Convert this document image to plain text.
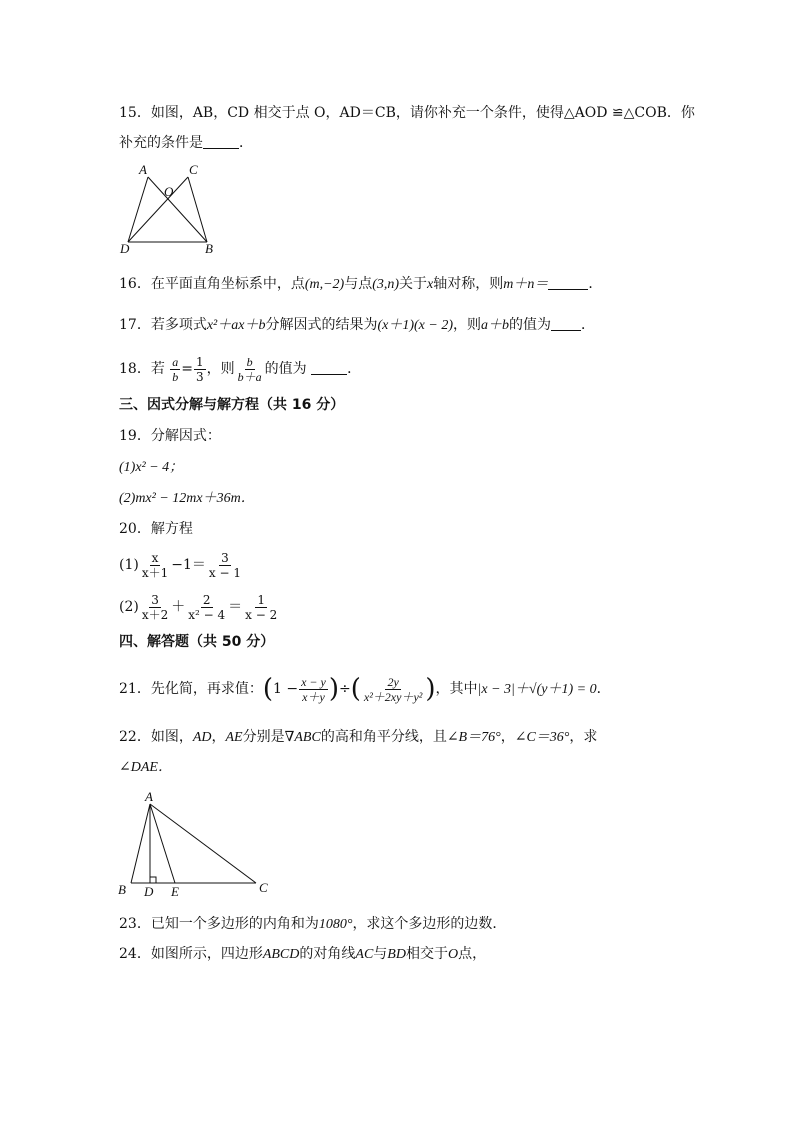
15．如图，AB，CD 相交于点 O，AD＝CB，请你补充一个条件，使得△AOD ≌△COB．你
补充的条件是	．
A	C
O
D	B
16．在平面直角坐标系中，点(m,−2)与点(3,n)关于x轴对称，则m＋n＝	．
17．若多项式x²＋ax＋b分解因式的结果为(x＋1)(x − 2)，则a＋b的值为 ．
18．若 $\frac{a}{b} = \frac{1}{3}$ ，则 $\frac{b}{b+a}$ 的值为	．
三、因式分解与解方程（共 16 分）
19．分解因式：
(1)x² − 4；
(2)mx² − 12mx＋36m．
20．解方程
$(1) \frac{x}{x+1} -1= \frac{3}{x - 1}$
$(2) \frac{3}{x+2} + \frac{2}{\text{x² − 4}} = \frac{1}{x - 2}$
四、解答题（共 50 分）
21．先化简，再求值：($1 - \frac{x - y}{x+y}$ )÷( $\frac{2y}{\text{x²＋2xy＋y²}}$ )，其中|x − 3|＋√(y＋1) = 0．
22．如图，AD，AE分别是∇ABC的高和角平分线，且∠B＝76°，∠C＝36°，求
∠DAE．
A
B D E	C
23．已知一个多边形的内角和为1080°，求这个多边形的边数．
24．如图所示，四边形ABCD的对角线AC与BD相交于O点，
